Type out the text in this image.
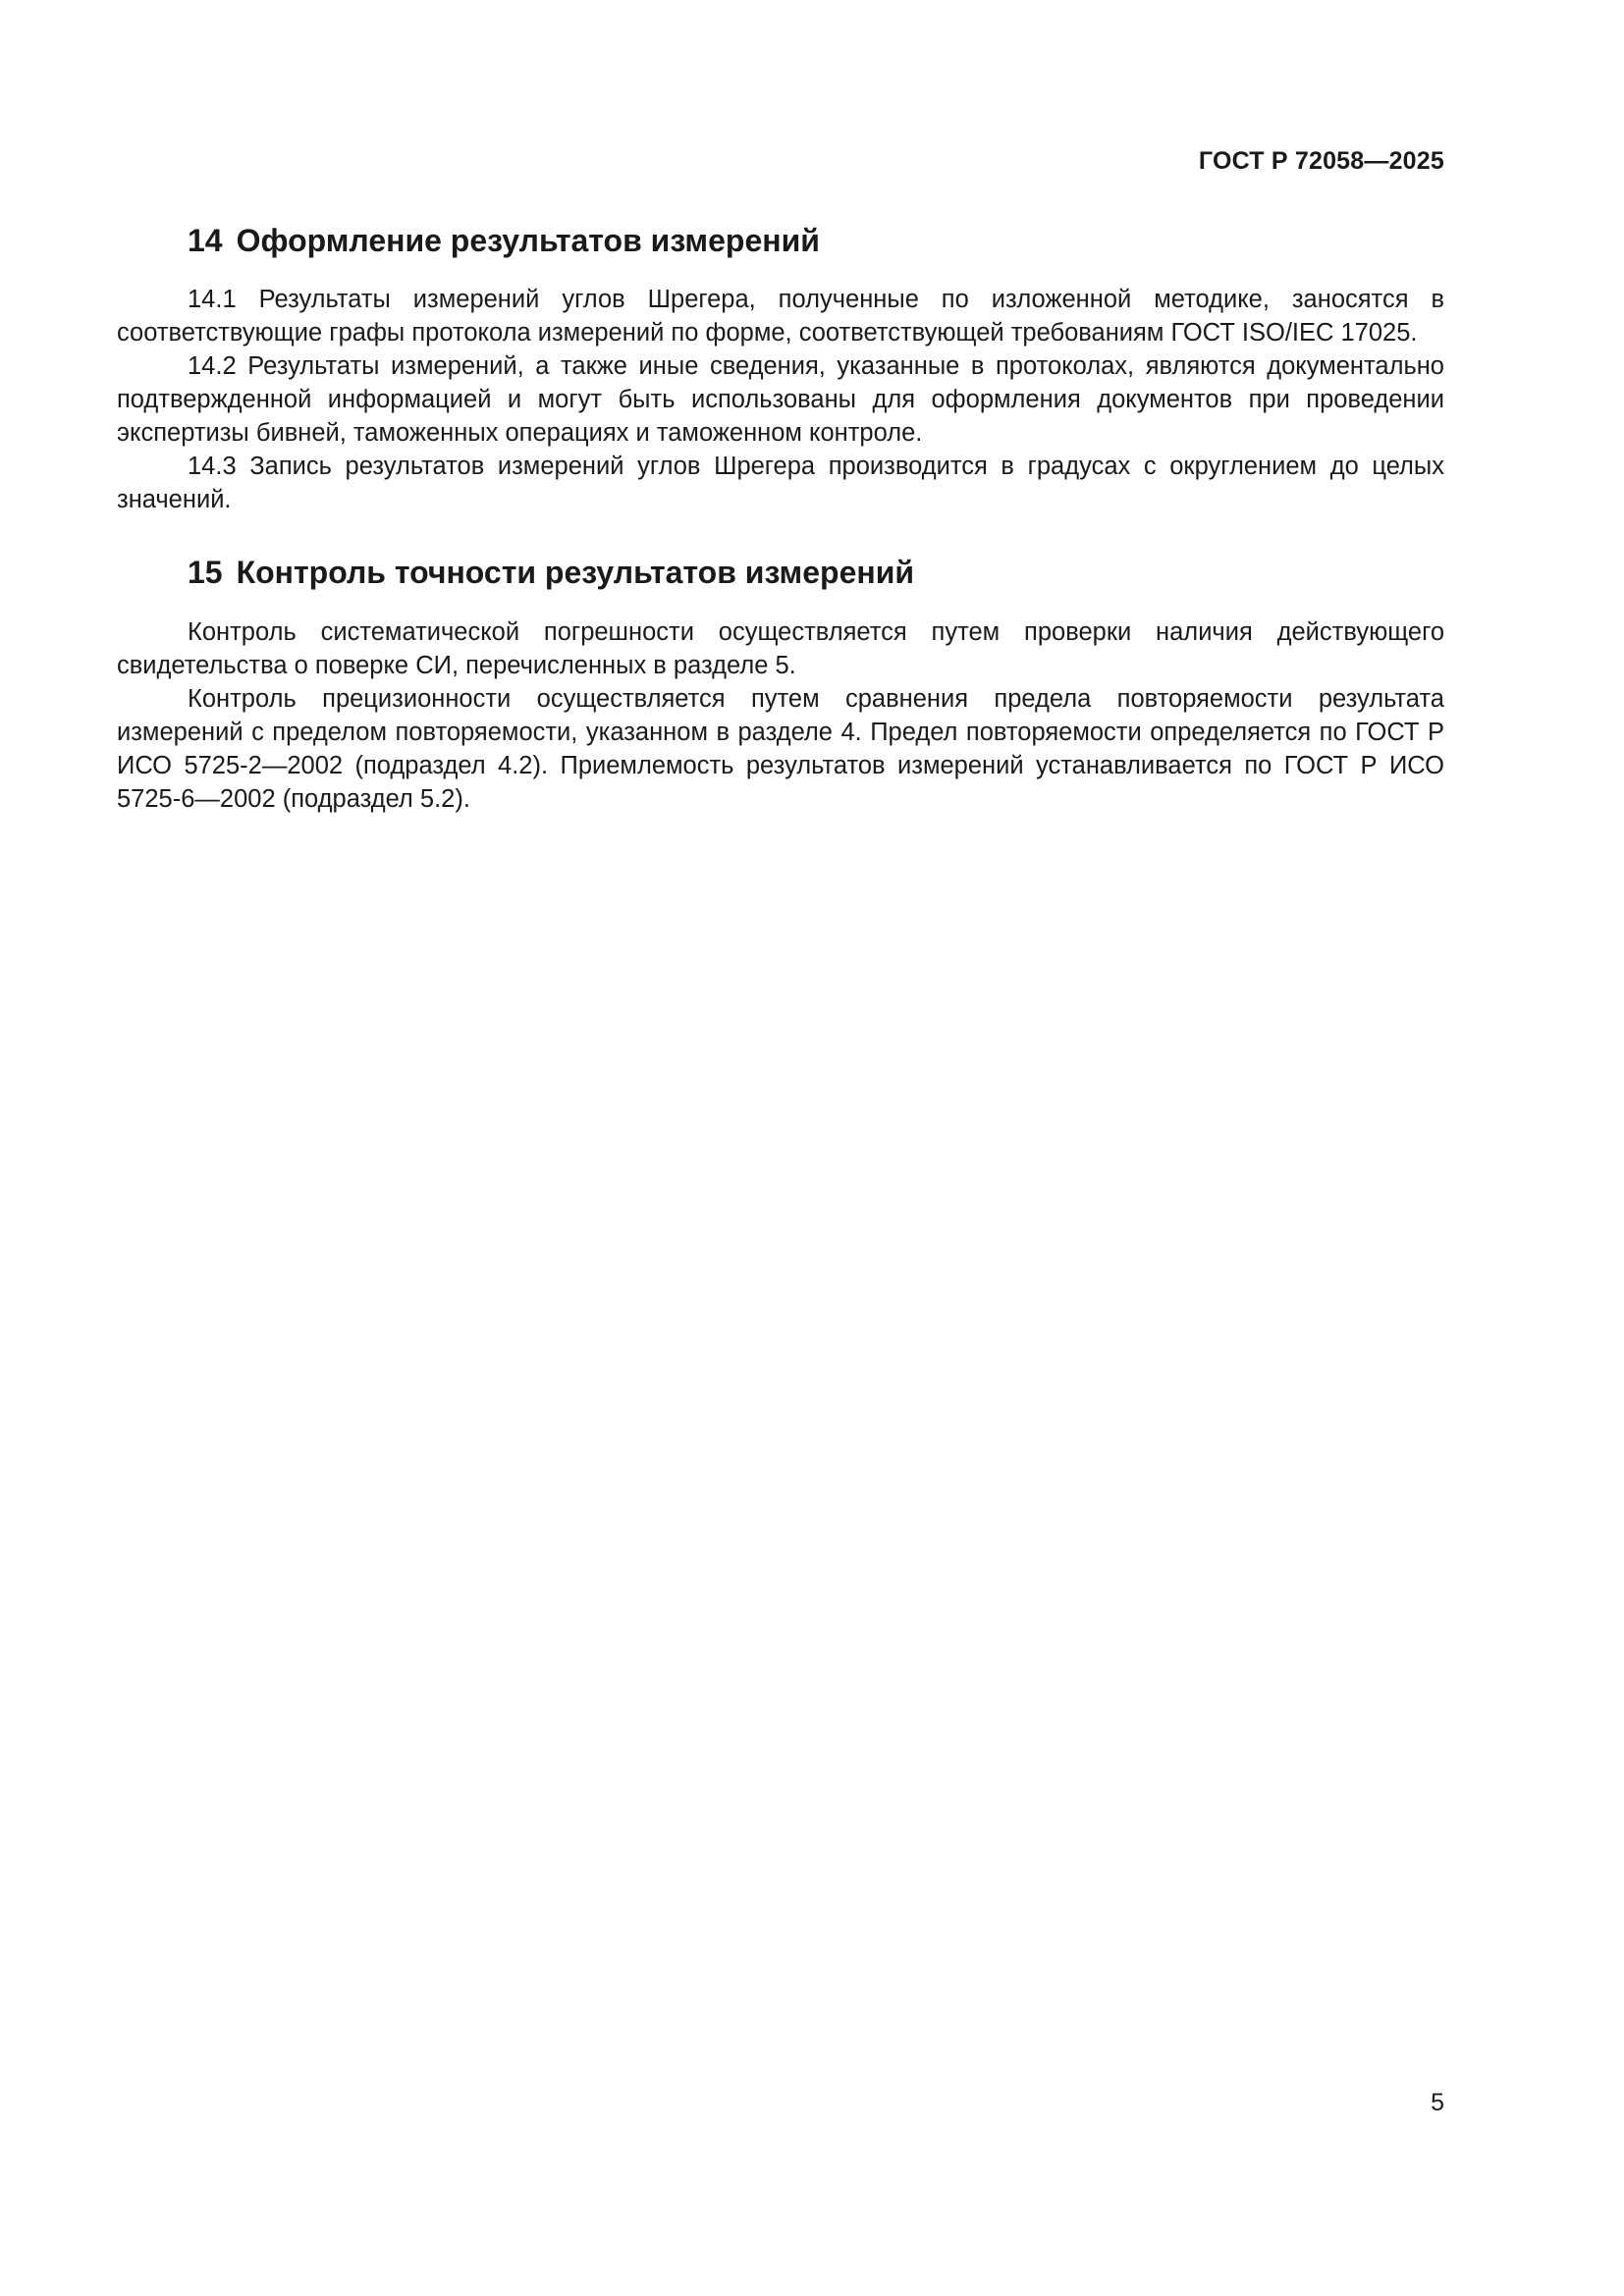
ГОСТ Р 72058—2025
14 Оформление результатов измерений

14.1 Результаты измерений углов Шрегера, полученные по изложенной методике, заносятся в соответствующие графы протокола измерений по форме, соответствующей требованиям ГОСТ ISO/IEC 17025.

14.2 Результаты измерений, а также иные сведения, указанные в протоколах, являются документально подтвержденной информацией и могут быть использованы для оформления документов при проведении экспертизы бивней, таможенных операциях и таможенном контроле.

14.3 Запись результатов измерений углов Шрегера производится в градусах с округлением до целых значений.

15 Контроль точности результатов измерений

Контроль систематической погрешности осуществляется путем проверки наличия действующего свидетельства о поверке СИ, перечисленных в разделе 5.

Контроль прецизионности осуществляется путем сравнения предела повторяемости результата измерений с пределом повторяемости, указанном в разделе 4. Предел повторяемости определяется по ГОСТ Р ИСО 5725-2—2002 (подраздел 4.2). Приемлемость результатов измерений устанавливается по ГОСТ Р ИСО 5725-6—2002 (подраздел 5.2).

5
